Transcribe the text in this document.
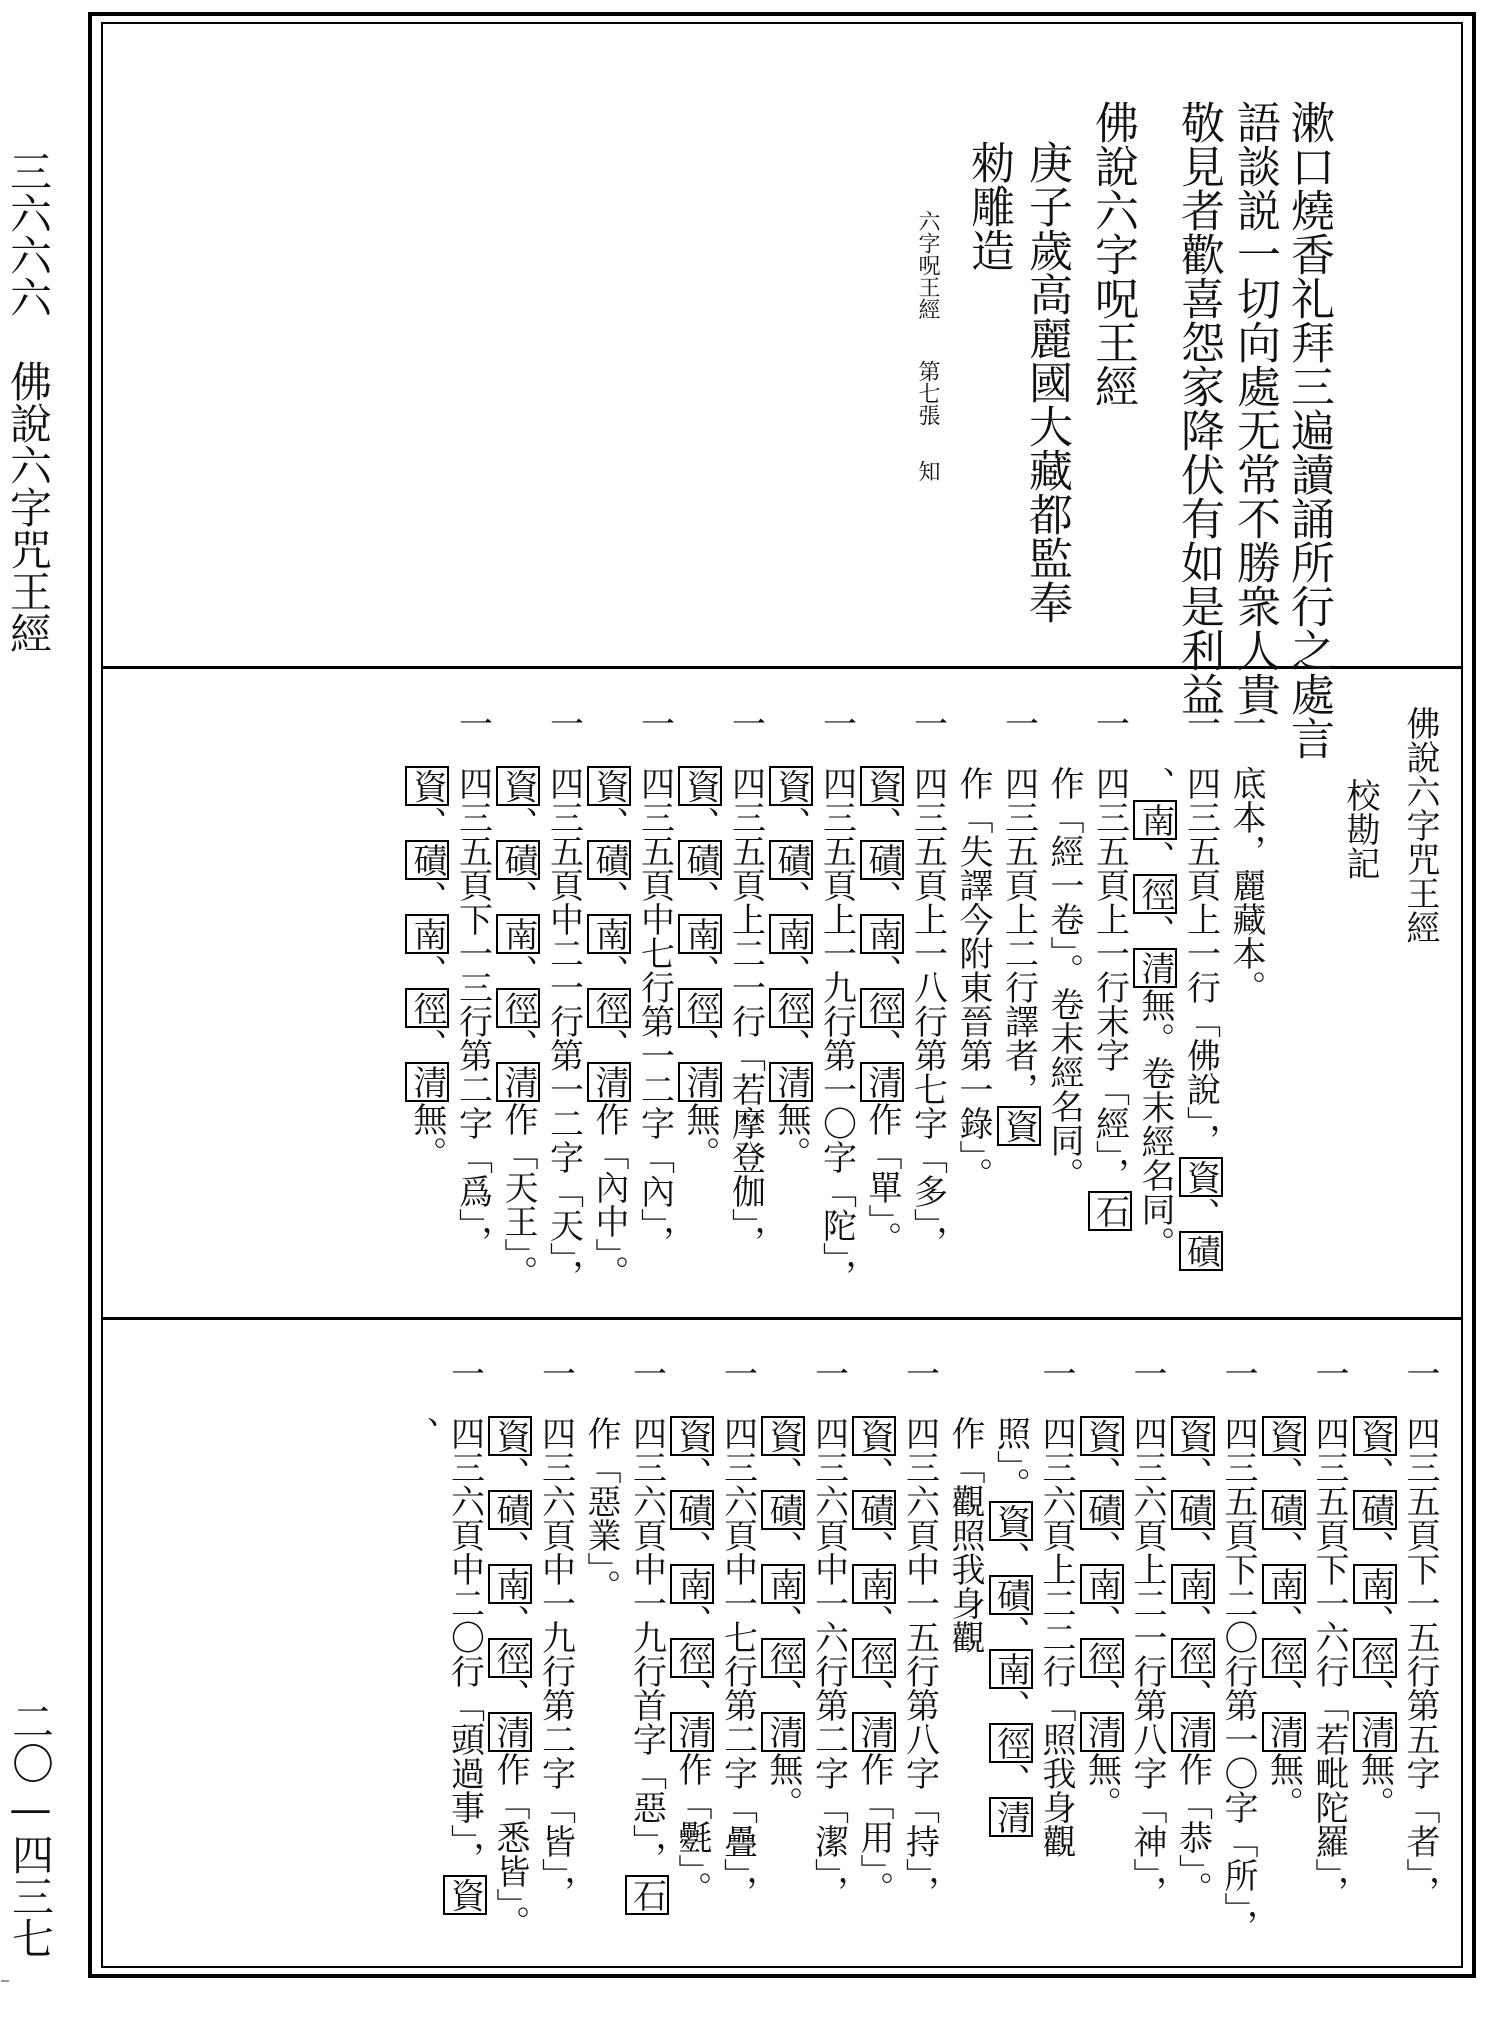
三六六六　佛說六字咒王經
二〇—四三七
漱口燒香礼拜三遍讀誦所行之處言
語談説一切向處无常不勝衆人貴
敬見者歡喜怨家降伏有如是利益
佛說六字呪王經
庚子歲高麗國大藏都監奉
勑雕造
六字呪王經
第七張
知
佛說六字咒王經
校勘記
一
底本，麗藏本。
一
四三五頁上一行「佛說」，資、磧
、南、徑、清無。卷末經名同。
一
四三五頁上一行末字「經」，石
作「經一卷」。卷末經名同。
一
四三五頁上二行譯者，資
作「失譯今附東晉第一錄」。
一
四三五頁上一八行第七字「多」，
資、磧、南、徑、清作「單」。
一
四三五頁上一九行第一〇字「陀」，
資、磧、南、徑、清無。
一
四三五頁上二一行「若摩登伽」，
資、磧、南、徑、清無。
一
四三五頁中七行第一二字「內」，
資、磧、南、徑、清作「內中」。
一
四三五頁中二一行第一二字「天」，
資、磧、南、徑、清作「天王」。
一
四三五頁下一三行第二字「爲」，
資、磧、南、徑、清無。
一
四三五頁下一五行第五字「者」，
資、磧、南、徑、清無。
一
四三五頁下一六行「若毗陀羅」，
資、磧、南、徑、清無。
一
四三五頁下二〇行第一〇字「所」，
資、磧、南、徑、清作「恭」。
一
四三六頁上二一行第八字「神」，
資、磧、南、徑、清無。
一
四三六頁上二二行「照我身觀
照」。資、磧、南、徑、清
作「觀照我身觀
一
四三六頁中一五行第八字「持」，
資、磧、南、徑、清作「用」。
一
四三六頁中一六行第二字「潔」，
資、磧、南、徑、清無。
一
四三六頁中一七行第二字「疊」，
資、磧、南、徑、清作「氎」。
一
四三六頁中一九行首字「惡」，石
作「惡業」。
一
四三六頁中一九行第二字「皆」，
資、磧、南、徑、清作「悉皆」。
一
四三六頁中二〇行「頭過事」，資
、
